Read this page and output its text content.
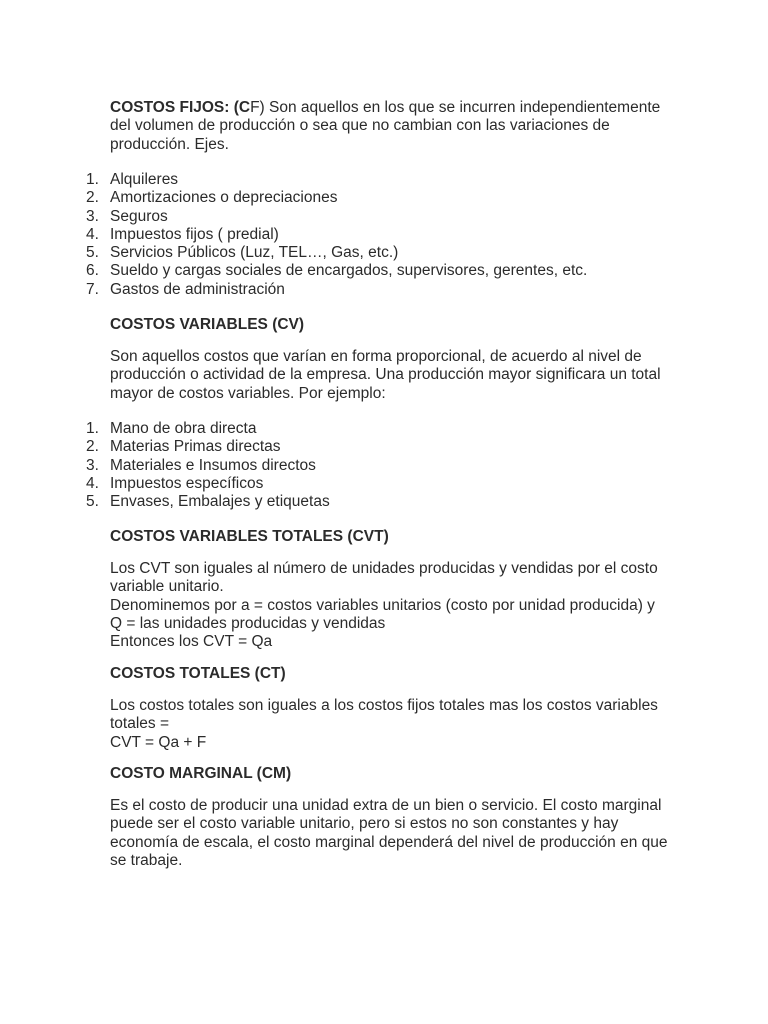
COSTOS FIJOS: (CF) Son aquellos en los que se incurren independientemente del volumen de producción o sea que no cambian con las variaciones de producción. Ejes.

1. Alquileres
2. Amortizaciones o depreciaciones
3. Seguros
4. Impuestos fijos ( predial)
5. Servicios Públicos (Luz, TEL…, Gas, etc.)
6. Sueldo y cargas sociales de encargados, supervisores, gerentes, etc.
7. Gastos de administración

COSTOS VARIABLES (CV)

Son aquellos costos que varían en forma proporcional, de acuerdo al nivel de producción o actividad de la empresa. Una producción mayor significara un total mayor de costos variables. Por ejemplo:

1. Mano de obra directa
2. Materias Primas directas
3. Materiales e Insumos directos
4. Impuestos específicos
5. Envases, Embalajes y etiquetas

COSTOS VARIABLES TOTALES (CVT)

Los CVT son iguales al número de unidades producidas y vendidas por el costo variable unitario.

Denominemos por a = costos variables unitarios (costo por unidad producida) y Q = las unidades producidas y vendidas

Entonces los CVT = Qa

COSTOS TOTALES (CT)

Los costos totales son iguales a los costos fijos totales mas los costos variables totales =

CVT = Qa + F

COSTO MARGINAL (CM)

Es el costo de producir una unidad extra de un bien o servicio. El costo marginal puede ser el costo variable unitario, pero si estos no son constantes y hay economía de escala, el costo marginal dependerá del nivel de producción en que se trabaje.
